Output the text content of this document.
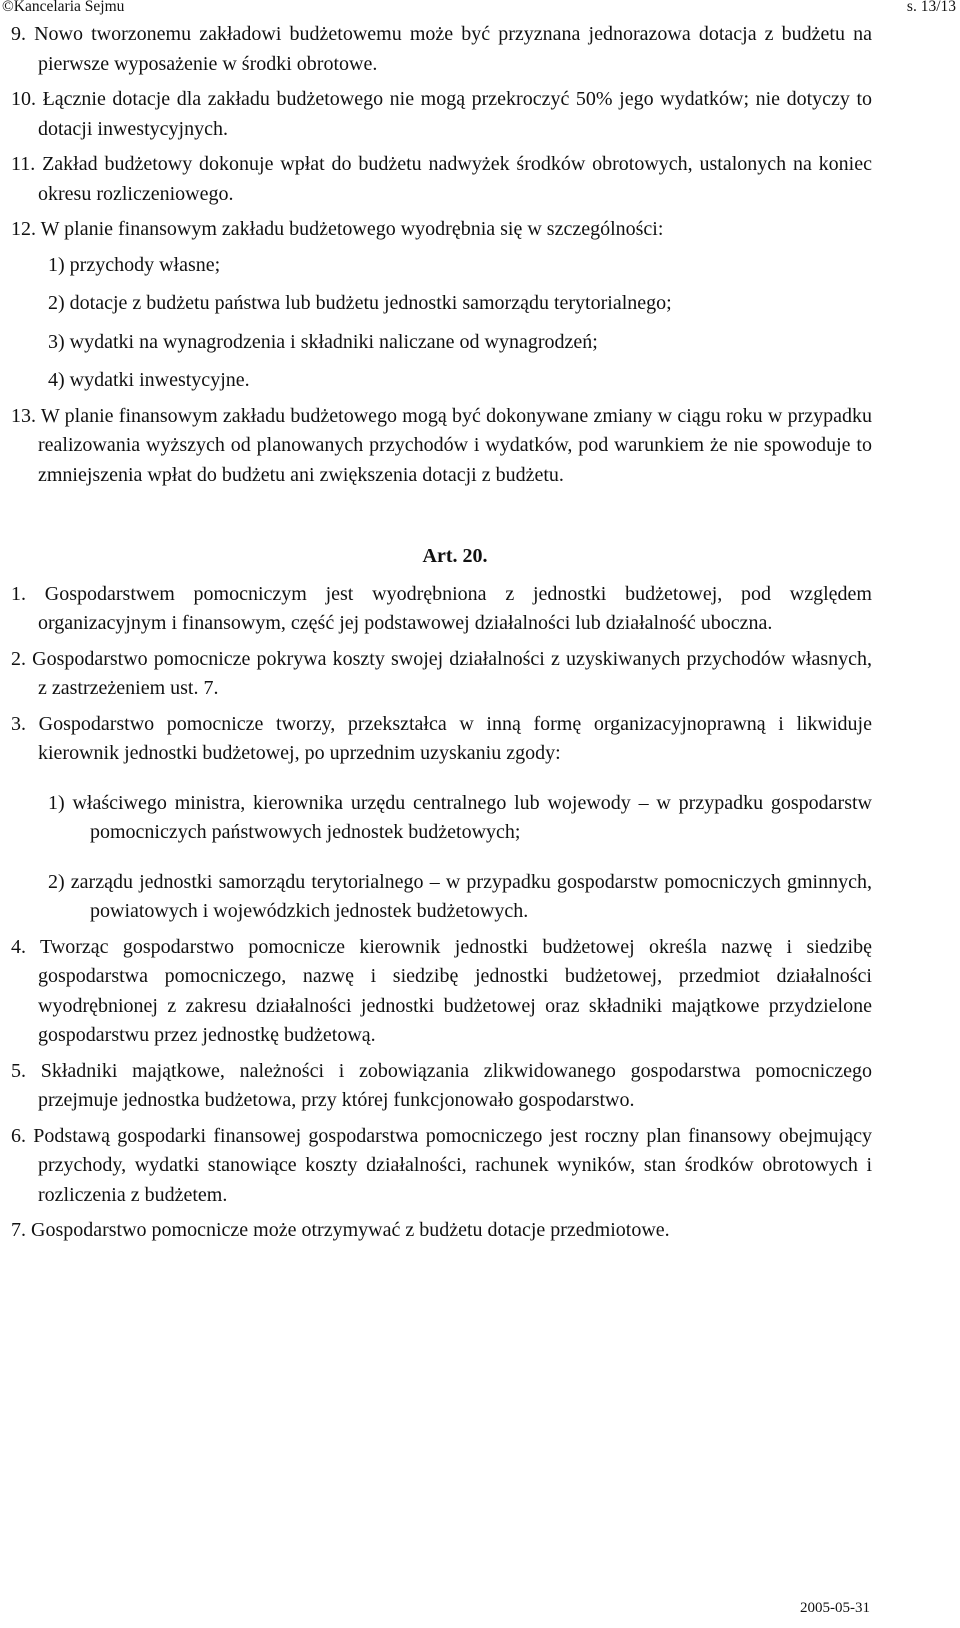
©Kancelaria Sejmu	s. 13/13

9. Nowo tworzonemu zakładowi budżetowemu może być przyznana jednorazowa dotacja z budżetu na pierwsze wyposażenie w środki obrotowe.

10. Łącznie dotacje dla zakładu budżetowego nie mogą przekroczyć 50% jego wydatków; nie dotyczy to dotacji inwestycyjnych.

11. Zakład budżetowy dokonuje wpłat do budżetu nadwyżek środków obrotowych, ustalonych na koniec okresu rozliczeniowego.

12. W planie finansowym zakładu budżetowego wyodrębnia się w szczególności:

1) przychody własne;

2) dotacje z budżetu państwa lub budżetu jednostki samorządu terytorialnego;

3) wydatki na wynagrodzenia i składniki naliczane od wynagrodzeń;

4) wydatki inwestycyjne.

13. W planie finansowym zakładu budżetowego mogą być dokonywane zmiany w ciągu roku w przypadku realizowania wyższych od planowanych przychodów i wydatków, pod warunkiem że nie spowoduje to zmniejszenia wpłat do budżetu ani zwiększenia dotacji z budżetu.

Art. 20.

1. Gospodarstwem pomocniczym jest wyodrębniona z jednostki budżetowej, pod względem organizacyjnym i finansowym, część jej podstawowej działalności lub działalność uboczna.

2. Gospodarstwo pomocnicze pokrywa koszty swojej działalności z uzyskiwanych przychodów własnych, z zastrzeżeniem ust. 7.

3. Gospodarstwo pomocnicze tworzy, przekształca w inną formę organizacyjnoprawną i likwiduje kierownik jednostki budżetowej, po uprzednim uzyskaniu zgody:

1) właściwego ministra, kierownika urzędu centralnego lub wojewody – w przypadku gospodarstw pomocniczych państwowych jednostek budżetowych;

2) zarządu jednostki samorządu terytorialnego – w przypadku gospodarstw pomocniczych gminnych, powiatowych i wojewódzkich jednostek budżetowych.

4. Tworząc gospodarstwo pomocnicze kierownik jednostki budżetowej określa nazwę i siedzibę gospodarstwa pomocniczego, nazwę i siedzibę jednostki budżetowej, przedmiot działalności wyodrębnionej z zakresu działalności jednostki budżetowej oraz składniki majątkowe przydzielone gospodarstwu przez jednostkę budżetową.

5. Składniki majątkowe, należności i zobowiązania zlikwidowanego gospodarstwa pomocniczego przejmuje jednostka budżetowa, przy której funkcjonowało gospodarstwo.

6. Podstawą gospodarki finansowej gospodarstwa pomocniczego jest roczny plan finansowy obejmujący przychody, wydatki stanowiące koszty działalności, rachunek wyników, stan środków obrotowych i rozliczenia z budżetem.

7. Gospodarstwo pomocnicze może otrzymywać z budżetu dotacje przedmiotowe.

2005-05-31
